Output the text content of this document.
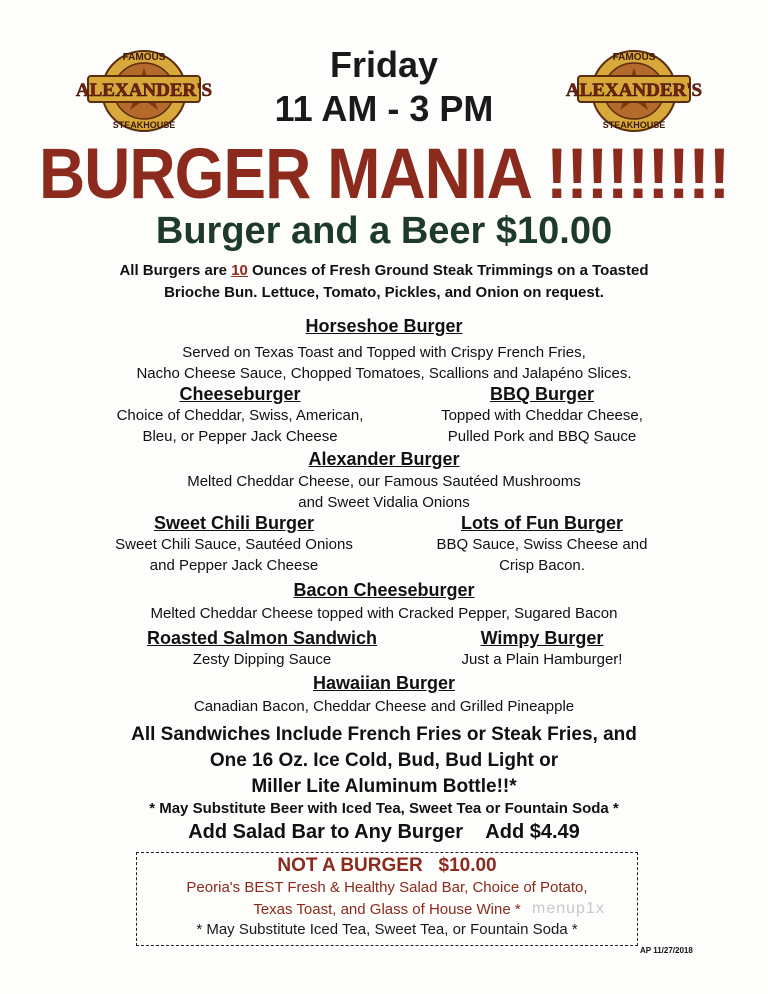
FAMOUS
ALEXANDER'S
STEAKHOUSE
FAMOUS
ALEXANDER'S
STEAKHOUSE
Friday
11 AM - 3 PM
BURGER MANIA !!!!!!!!!
Burger and a Beer $10.00
All Burgers are 10 Ounces of Fresh Ground Steak Trimmings on a Toasted
Brioche Bun. Lettuce, Tomato, Pickles, and Onion on request.
Horseshoe Burger
Served on Texas Toast and Topped with Crispy French Fries,
Nacho Cheese Sauce, Chopped Tomatoes, Scallions and Jalapéno Slices.
Cheeseburger
Choice of Cheddar, Swiss, American,
Bleu, or Pepper Jack Cheese
BBQ Burger
Topped with Cheddar Cheese,
Pulled Pork and BBQ Sauce
Alexander Burger
Melted Cheddar Cheese, our Famous Sautéed Mushrooms
and Sweet Vidalia Onions
Sweet Chili Burger
Sweet Chili Sauce, Sautéed Onions
and Pepper Jack Cheese
Lots of Fun Burger
BBQ Sauce, Swiss Cheese and
Crisp Bacon.
Bacon Cheeseburger
Melted Cheddar Cheese topped with Cracked Pepper, Sugared Bacon
Roasted Salmon Sandwich
Zesty Dipping Sauce
Wimpy Burger
Just a Plain Hamburger!
Hawaiian Burger
Canadian Bacon, Cheddar Cheese and Grilled Pineapple
All Sandwiches Include French Fries or Steak Fries, and
One 16 Oz. Ice Cold, Bud, Bud Light or
Miller Lite Aluminum Bottle!!*
* May Substitute Beer with Iced Tea, Sweet Tea or Fountain Soda *
Add Salad Bar to Any Burger Add $4.49
NOT A BURGER   $10.00
Peoria's BEST Fresh & Healthy Salad Bar, Choice of Potato,
Texas Toast, and Glass of House Wine *
* May Substitute Iced Tea, Sweet Tea, or Fountain Soda *
menup1x
AP 11/27/2018
